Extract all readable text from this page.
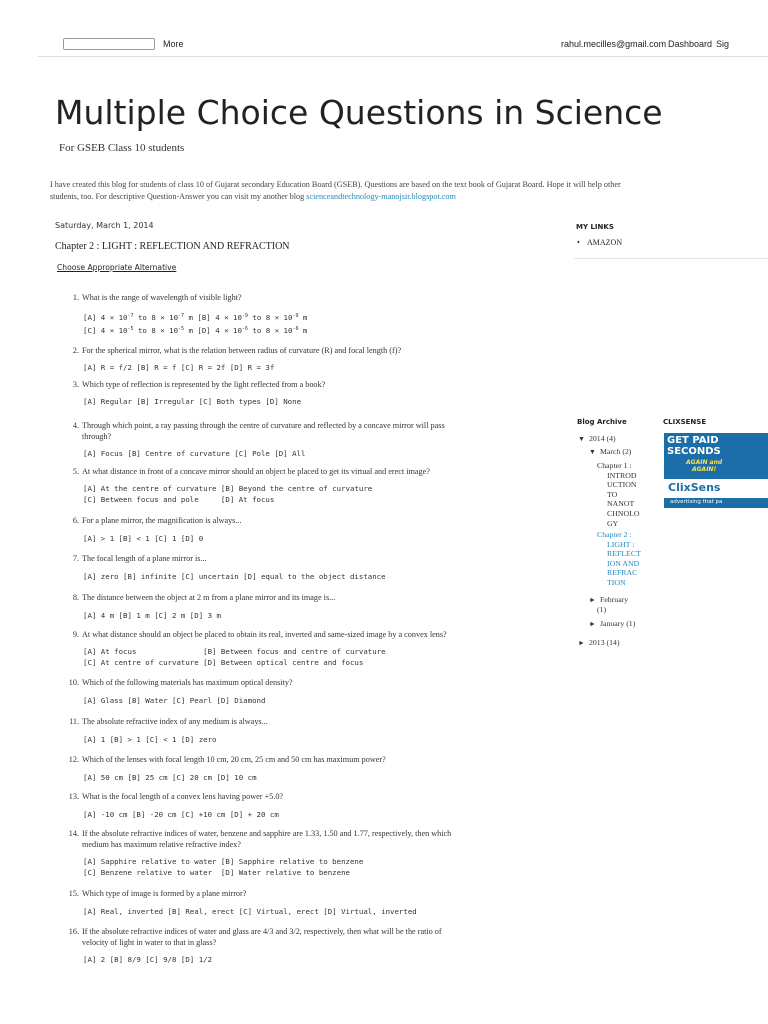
More	rahul.mecilles@gmail.com Dashboard Sig
Multiple Choice Questions in Science
For GSEB Class 10 students
I have created this blog for students of class 10 of Gujarat secondary Education Board (GSEB). Questions are based on the text book of Gujarat Board. Hope it will help other
students, too. For descriptive Question-Answer you can visit my another blog scienceandtechnology-manojsir.blogspot.com
Saturday, March 1, 2014
Chapter 2 : LIGHT : REFLECTION AND REFRACTION
Choose Appropriate Alternative
1. What is the range of wavelength of visible light?
[A] $4 \times 10^{-7}$ to $8 \times 10^{-7}$ m [B] $4 \times 10^{-9}$ to $8 \times 10^{-9}$ m
[C] $4 \times 10^{-5}$ to $8 \times 10^{-5}$ m [D] $4 \times 10^{-6}$ to $8 \times 10^{-6}$ m
2. For the spherical mirror, what is the relation between radius of curvature (R) and focal length (f)?
[A] R = f/2 [B] R = f [C] R = 2f [D] R = 3f
3. Which type of reflection is represented by the light reflected from a book?
[A] Regular [B] Irregular [C] Both types [D] None
4. Through which point, a ray passing through the centre of curvature and reflected by a concave mirror will pass
through?
[A] Focus [B] Centre of curvature [C] Pole [D] All
5. At what distance in front of a concave mirror should an object be placed to get its virtual and erect image?
[A] At the centre of curvature [B] Beyond the centre of curvature
[C] Between focus and pole     [D] At focus
6. For a plane mirror, the magnification is always...
[A] > 1 [B] < 1 [C] 1 [D] 0
7. The focal length of a plane mirror is...
[A] zero [B] infinite [C] uncertain [D] equal to the object distance
8. The distance between the object at 2 m from a plane mirror and its image is...
[A] 4 m [B] 1 m [C] 2 m [D] 3 m
9. At what distance should an object be placed to obtain its real, inverted and same-sized image by a convex lens?
[A] At focus               [B] Between focus and centre of curvature
[C] At centre of curvature [D] Between optical centre and focus
10. Which of the following materials has maximum optical density?
[A] Glass [B] Water [C] Pearl [D] Diamond
11. The absolute refractive index of any medium is always...
[A] 1 [B] > 1 [C] < 1 [D] zero
12. Which of the lenses with focal length 10 cm, 20 cm, 25 cm and 50 cm has maximum power?
[A] 50 cm [B] 25 cm [C] 20 cm [D] 10 cm
13. What is the focal length of a convex lens having power +5.0?
[A] -10 cm [B] -20 cm [C] +10 cm [D] + 20 cm
14. If the absolute refractive indices of water, benzene and sapphire are 1.33, 1.50 and 1.77, respectively, then which
medium has maximum relative refractive index?
[A] Sapphire relative to water [B] Sapphire relative to benzene
[C] Benzene relative to water  [D] Water relative to benzene
15. Which type of image is formed by a plane mirror?
[A] Real, inverted [B] Real, erect [C] Virtual, erect [D] Virtual, inverted
16. If the absolute refractive indices of water and glass are 4/3 and 3/2, respectively, then what will be the ratio of
velocity of light in water to that in glass?
[A] 2 [B] 8/9 [C] 9/8 [D] 1/2
MY LINKS
• AMAZON
Blog Archive
▼ 2014 (4)
▼ March (2)
Chapter 1 :
INTROD
UCTION
TO
NANOT
CHNOLO
GY
Chapter 2 :
LIGHT :
REFLECT
ION AND
REFRAC
TION
► February
(1)
► January (1)
► 2013 (14)
CLIXSENSE
GET PAID
SECONDS
AGAIN and
AGAIN!
ClixSens
advertising that pa
